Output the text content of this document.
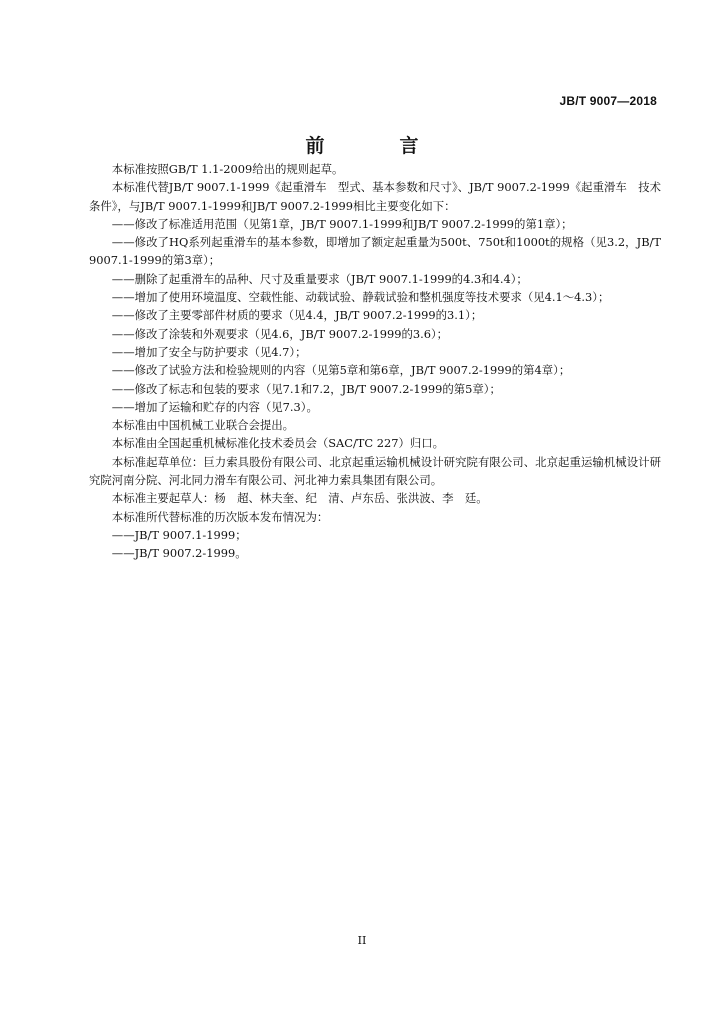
JB/T 9007—2018
前　言

本标准按照GB/T 1.1-2009给出的规则起草。

本标准代替JB/T 9007.1-1999《起重滑车　型式、基本参数和尺寸》、JB/T 9007.2-1999《起重滑车　技术条件》，与JB/T 9007.1-1999和JB/T 9007.2-1999相比主要变化如下：

——修改了标准适用范围（见第1章，JB/T 9007.1-1999和JB/T 9007.2-1999的第1章）；

——修改了HQ系列起重滑车的基本参数，即增加了额定起重量为500t、750t和1000t的规格（见3.2，JB/T 9007.1-1999的第3章）；

——删除了起重滑车的品种、尺寸及重量要求（JB/T 9007.1-1999的4.3和4.4）；

——增加了使用环境温度、空载性能、动载试验、静载试验和整机强度等技术要求（见4.1～4.3）；

——修改了主要零部件材质的要求（见4.4，JB/T 9007.2-1999的3.1）；

——修改了涂装和外观要求（见4.6，JB/T 9007.2-1999的3.6）；

——增加了安全与防护要求（见4.7）；

——修改了试验方法和检验规则的内容（见第5章和第6章，JB/T 9007.2-1999的第4章）；

——修改了标志和包装的要求（见7.1和7.2，JB/T 9007.2-1999的第5章）；

——增加了运输和贮存的内容（见7.3）。

本标准由中国机械工业联合会提出。

本标准由全国起重机械标准化技术委员会（SAC/TC 227）归口。

本标准起草单位：巨力索具股份有限公司、北京起重运输机械设计研究院有限公司、北京起重运输机械设计研究院河南分院、河北同力滑车有限公司、河北神力索具集团有限公司。

本标准主要起草人：杨　超、林夫奎、纪　清、卢东岳、张洪波、李　廷。

本标准所代替标准的历次版本发布情况为：

——JB/T 9007.1-1999；

——JB/T 9007.2-1999。

II
